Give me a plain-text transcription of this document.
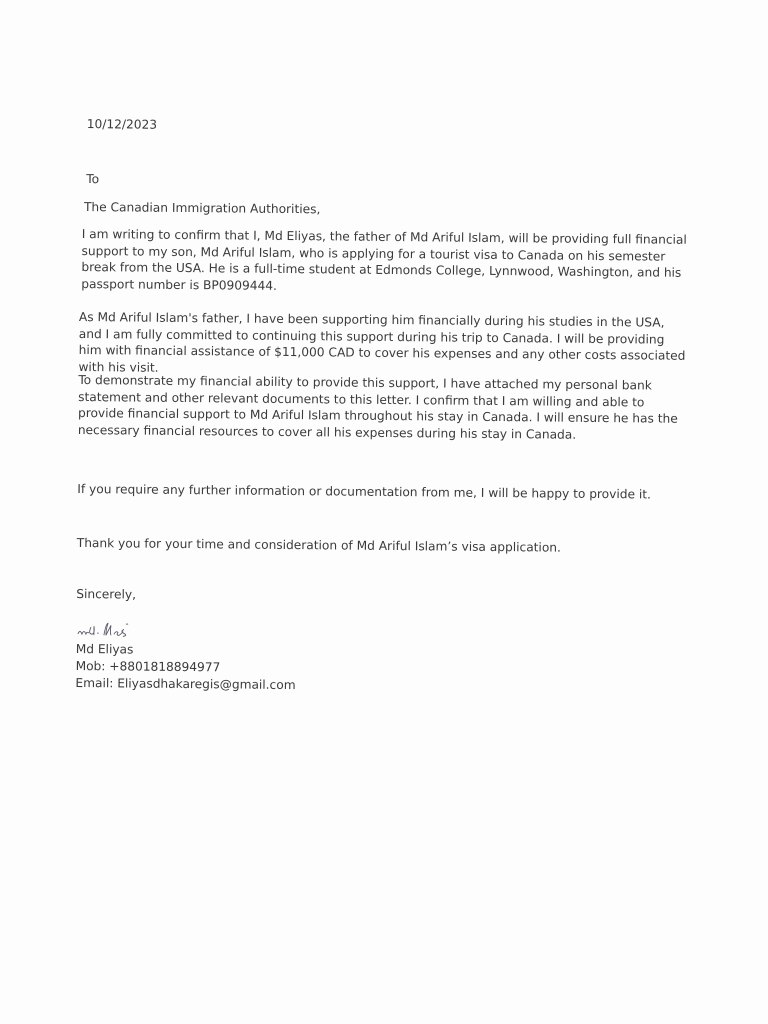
10/12/2023
To
The Canadian Immigration Authorities,
I am writing to confirm that I, Md Eliyas, the father of Md Ariful Islam, will be providing full financial support to my son, Md Ariful Islam, who is applying for a tourist visa to Canada on his semester break from the USA. He is a full-time student at Edmonds College, Lynnwood, Washington, and his passport number is BP0909444.
As Md Ariful Islam's father, I have been supporting him financially during his studies in the USA, and I am fully committed to continuing this support during his trip to Canada. I will be providing him with financial assistance of $11,000 CAD to cover his expenses and any other costs associated with his visit.
To demonstrate my financial ability to provide this support, I have attached my personal bank statement and other relevant documents to this letter. I confirm that I am willing and able to provide financial support to Md Ariful Islam throughout his stay in Canada. I will ensure he has the necessary financial resources to cover all his expenses during his stay in Canada.
If you require any further information or documentation from me, I will be happy to provide it.
Thank you for your time and consideration of Md Ariful Islam’s visa application.
Sincerely,
Md Eliyas
Mob: +8801818894977
Email: Eliyasdhakaregis@gmail.com
